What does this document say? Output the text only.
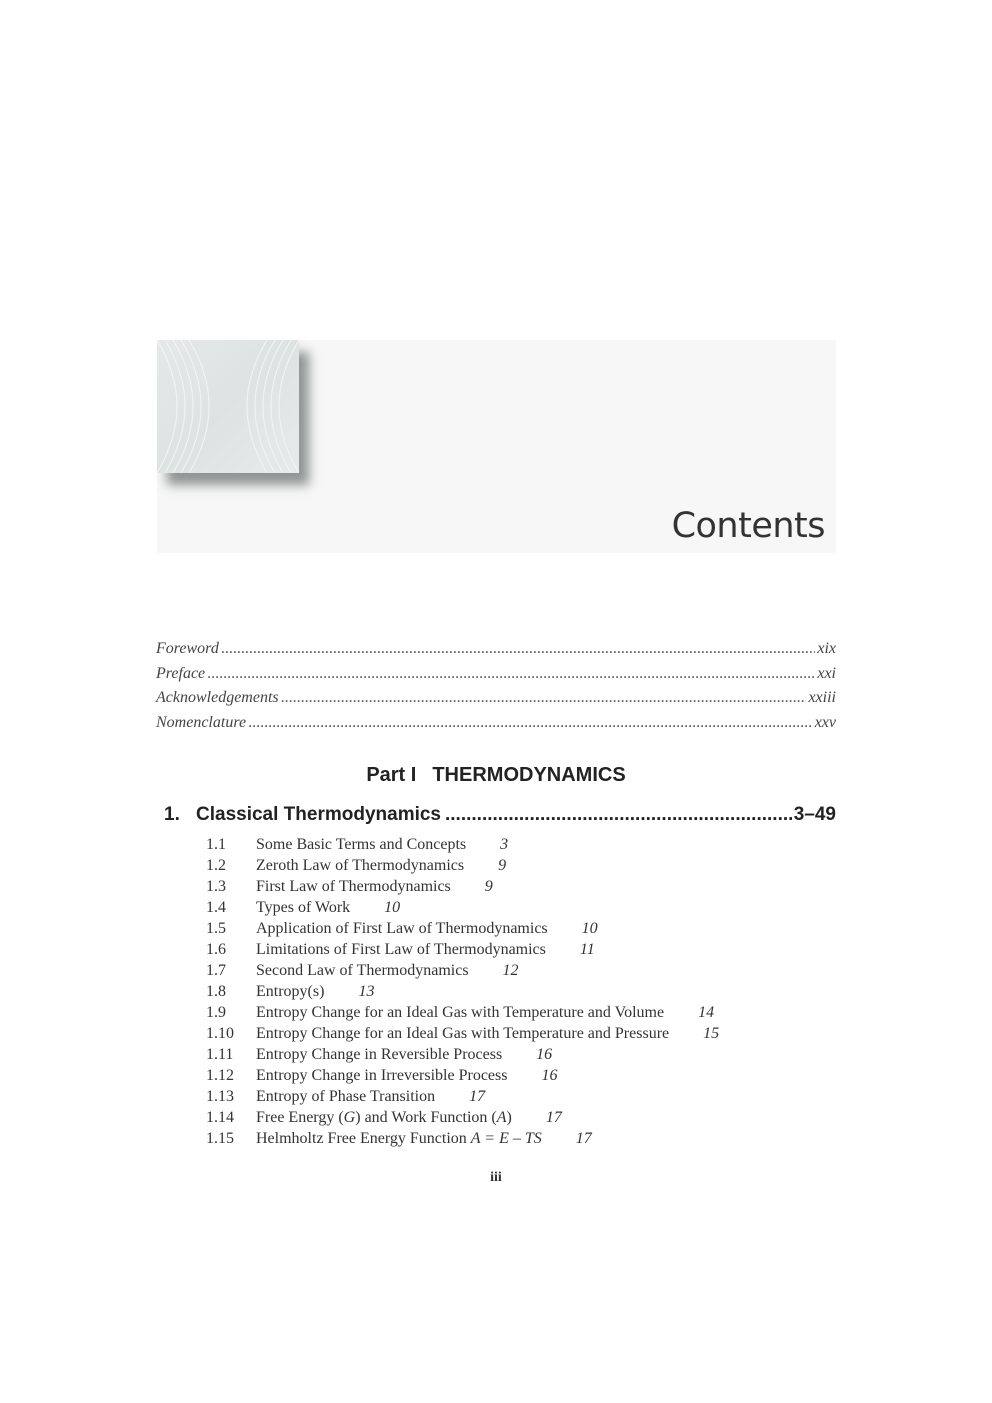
Contents
Foreword .....	xix
Preface .....	xxi
Acknowledgements .....	xxiii
Nomenclature .....	xxv
Part I THERMODYNAMICS
1. Classical Thermodynamics .....	3–49
1.1	Some Basic Terms and Concepts 3
1.2	Zeroth Law of Thermodynamics 9
1.3	First Law of Thermodynamics 9
1.4	Types of Work 10
1.5	Application of First Law of Thermodynamics 10
1.6	Limitations of First Law of Thermodynamics 11
1.7	Second Law of Thermodynamics 12
1.8	Entropy(s) 13
1.9	Entropy Change for an Ideal Gas with Temperature and Volume 14
1.10	Entropy Change for an Ideal Gas with Temperature and Pressure 15
1.11	Entropy Change in Reversible Process 16
1.12	Entropy Change in Irreversible Process 16
1.13	Entropy of Phase Transition 17
1.14	Free Energy (G) and Work Function (A) 17
1.15	Helmholtz Free Energy Function A = E – TS 17

iii
